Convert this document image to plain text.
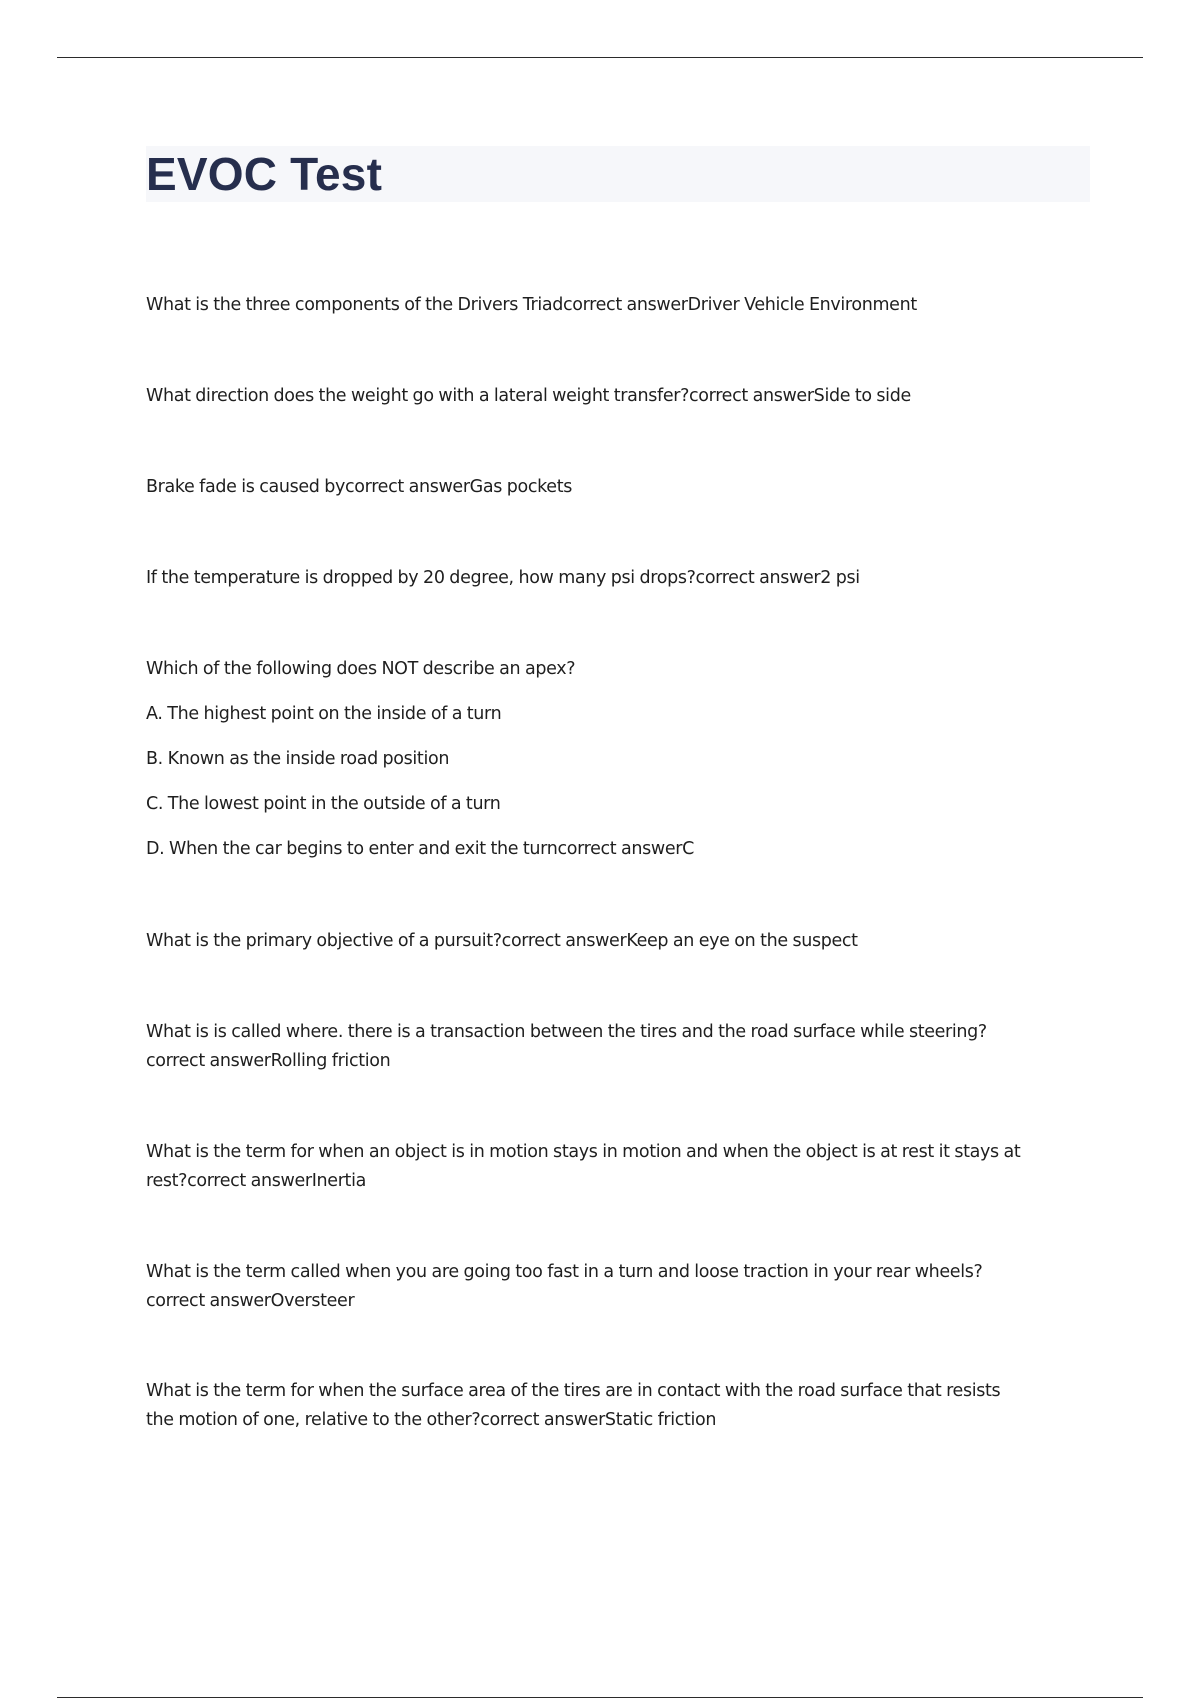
EVOC Test

What is the three components of the Drivers Triadcorrect answerDriver Vehicle Environment

What direction does the weight go with a lateral weight transfer?correct answerSide to side

Brake fade is caused bycorrect answerGas pockets

If the temperature is dropped by 20 degree, how many psi drops?correct answer2 psi

Which of the following does NOT describe an apex?
A. The highest point on the inside of a turn
B. Known as the inside road position
C. The lowest point in the outside of a turn
D. When the car begins to enter and exit the turncorrect answerC

What is the primary objective of a pursuit?correct answerKeep an eye on the suspect

What is is called where. there is a transaction between the tires and the road surface while steering?
correct answerRolling friction

What is the term for when an object is in motion stays in motion and when the object is at rest it stays at
rest?correct answerInertia

What is the term called when you are going too fast in a turn and loose traction in your rear wheels?
correct answerOversteer

What is the term for when the surface area of the tires are in contact with the road surface that resists
the motion of one, relative to the other?correct answerStatic friction
